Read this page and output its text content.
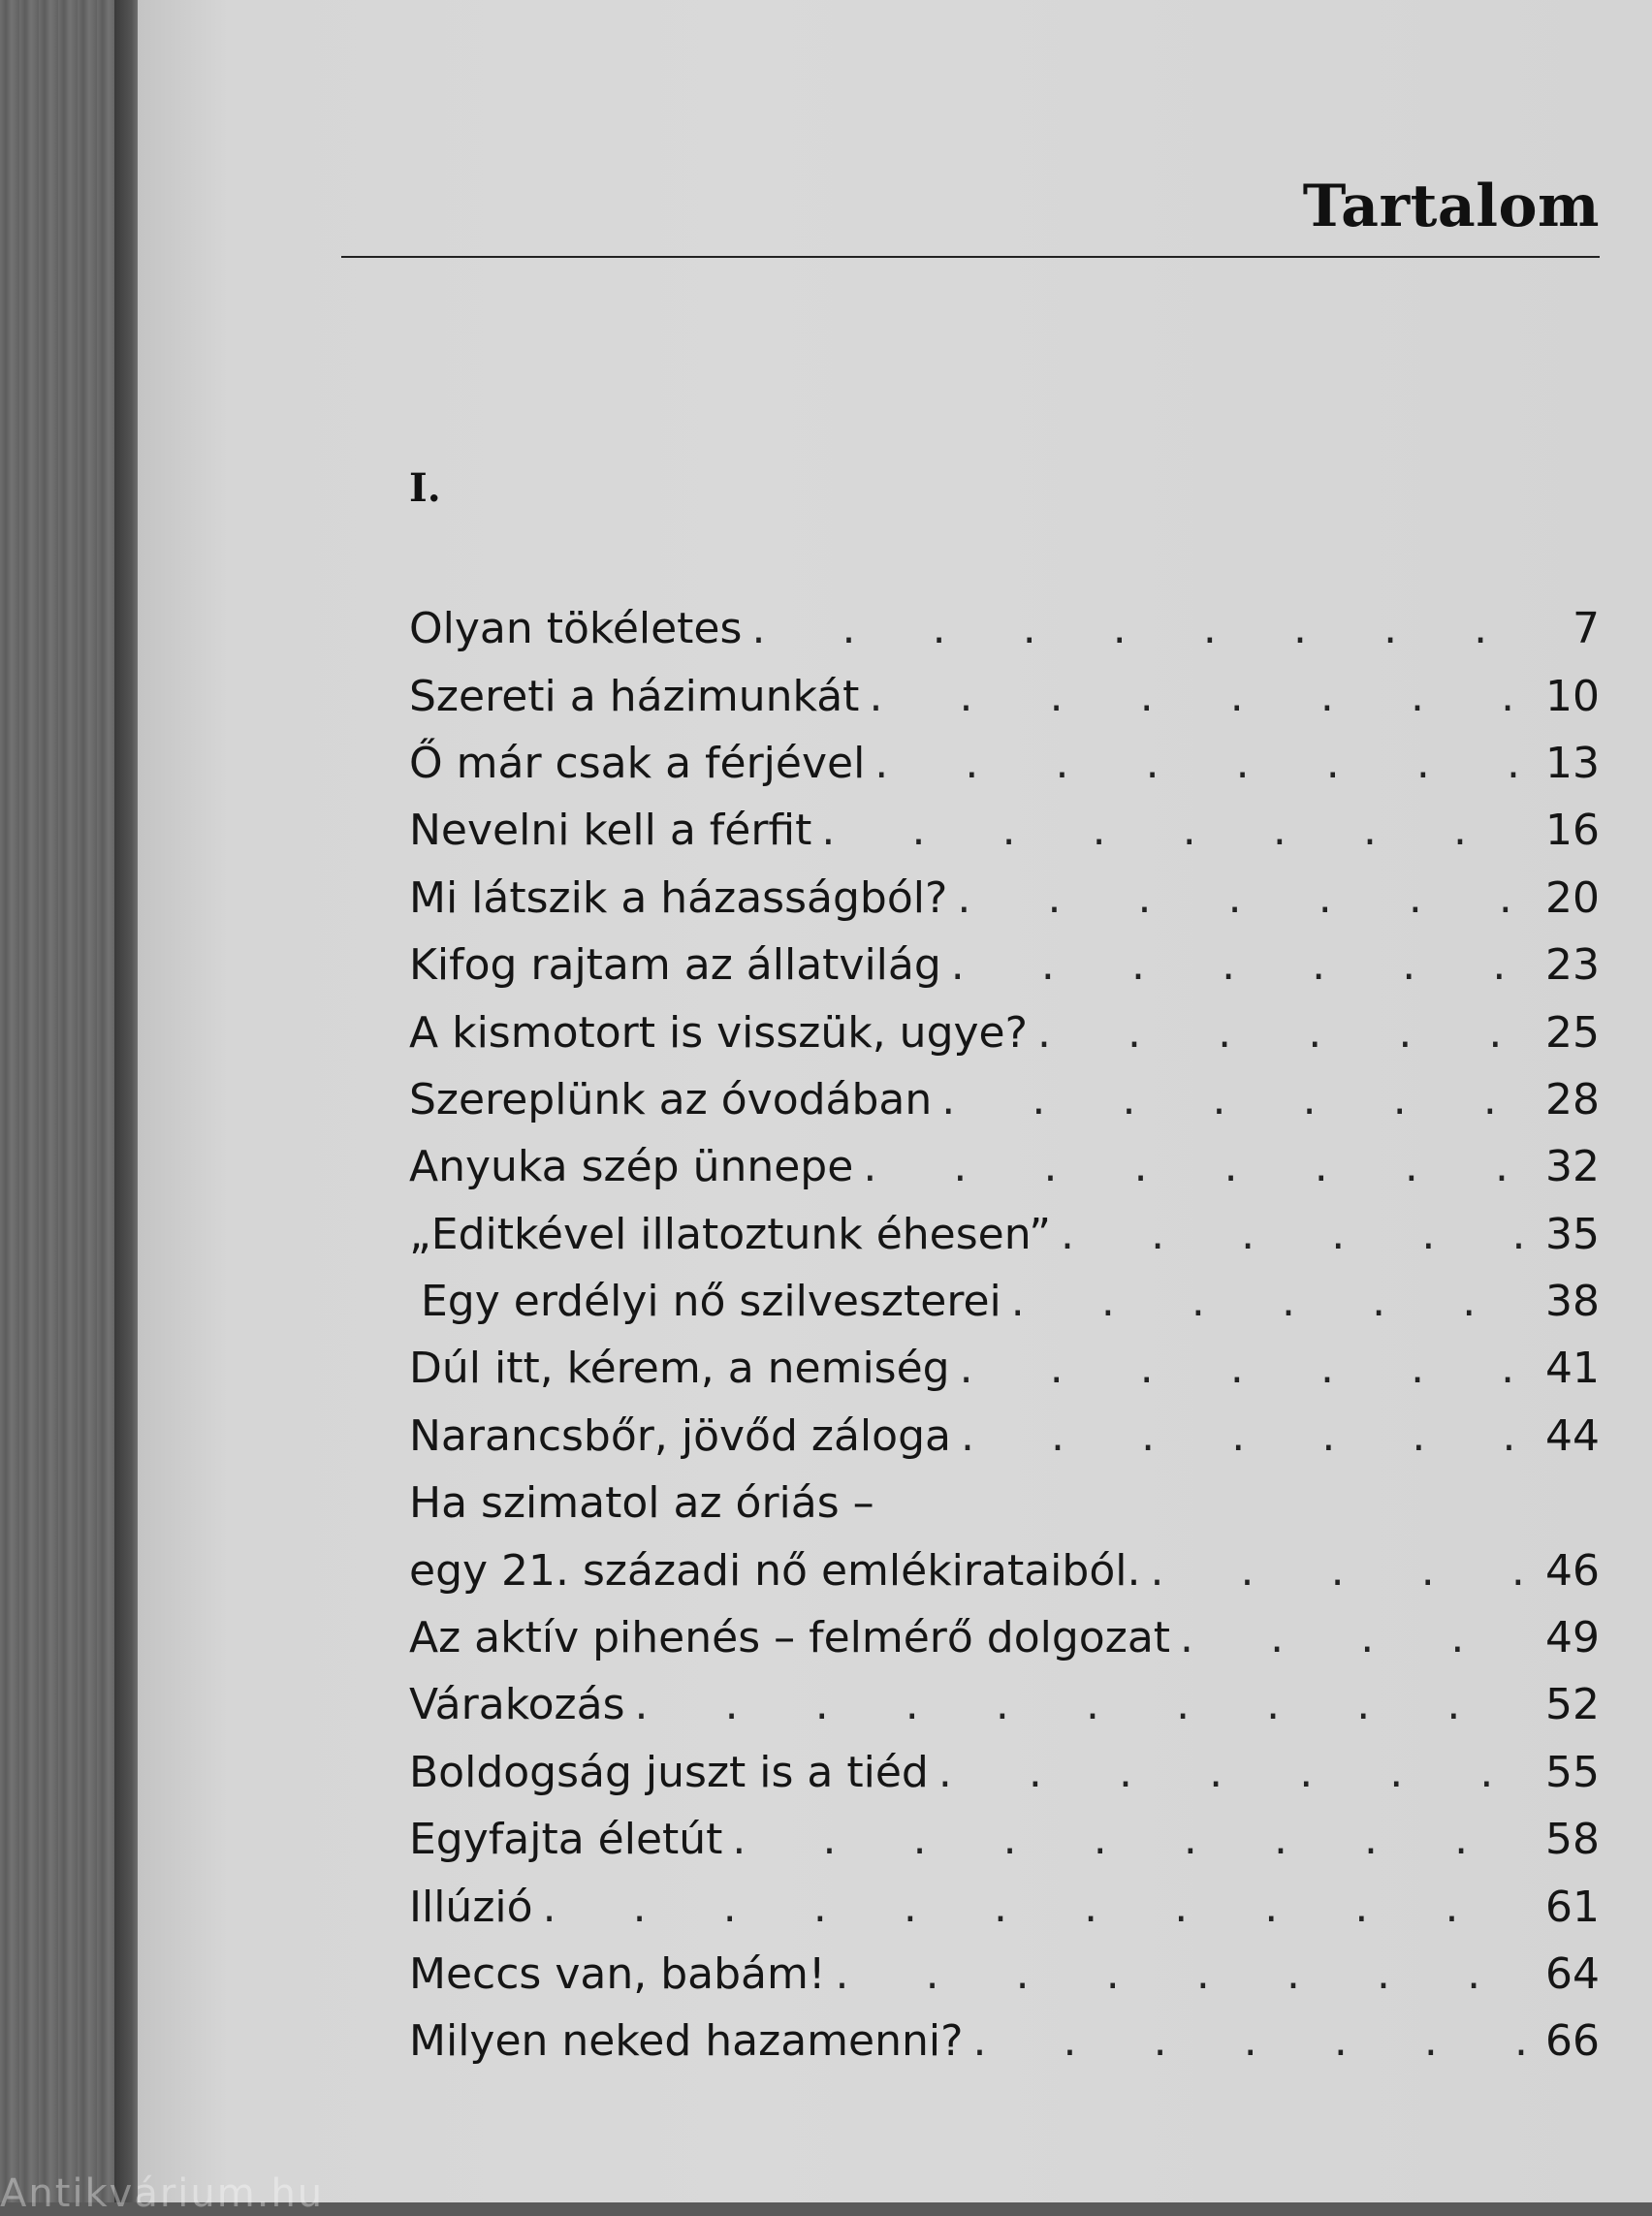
Tartalom
I.
Olyan tökéletes . . .	7
Szereti a házimunkát . . .	10
Ő már csak a férjével . . .	13
Nevelni kell a férfit . . .	16
Mi látszik a házasságból? . . .	20
Kifog rajtam az állatvilág . . .	23
A kismotort is visszük, ugye? . . .	25
Szereplünk az óvodában . . .	28
Anyuka szép ünnepe . . .	32
„Editkével illatoztunk éhesen” . . .	35
Egy erdélyi nő szilveszterei . . .	38
Dúl itt, kérem, a nemiség . . .	41
Narancsbőr, jövőd záloga . . .	44
Ha szimatol az óriás –
egy 21. századi nő emlékirataiból. . . .	46
Az aktív pihenés – felmérő dolgozat . . .	49
Várakozás . . .	52
Boldogság juszt is a tiéd . . .	55
Egyfajta életút . . .	58
Illúzió . . .	61
Meccs van, babám! . . .	64
Milyen neked hazamenni? . . .	66
Antikvárium.hu
